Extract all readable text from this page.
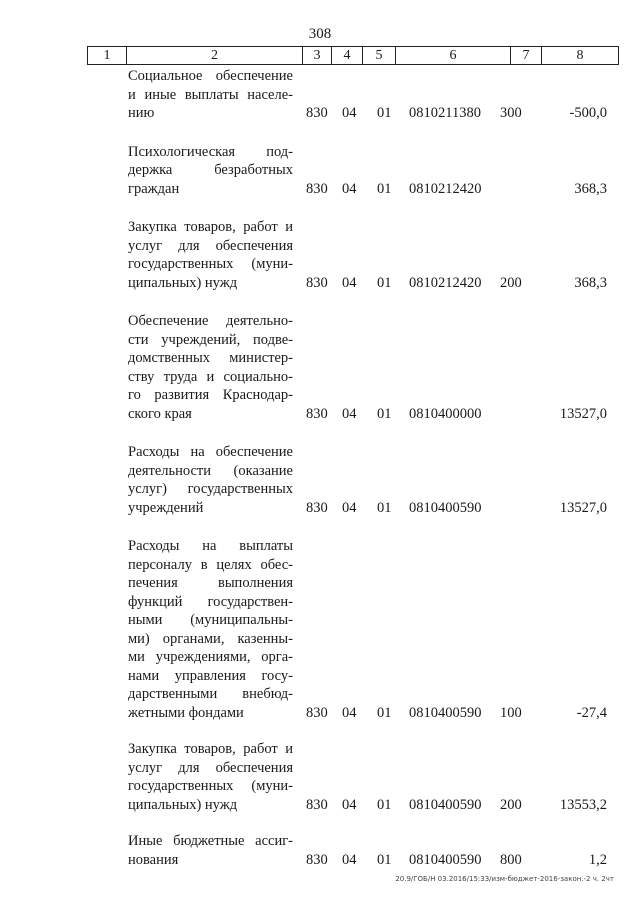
308
1	2	3	4	5	6	7	8
Социальное обеспечение
и иные выплаты населе-
нию	830 04 01 0810211380 300	-500,0
Психологическая под-
держка безработных
граждан	830 04 01 0810212420	368,3
Закупка товаров, работ и
услуг для обеспечения
государственных (муни-
ципальных) нужд	830 04 01 0810212420 200	368,3
Обеспечение деятельно-
сти учреждений, подве-
домственных министер-
ству труда и социально-
го развития Краснодар-
ского края	830 04 01 0810400000	13527,0
Расходы на обеспечение
деятельности (оказание
услуг) государственных
учреждений	830 04 01 0810400590	13527,0
Расходы на выплаты
персоналу в целях обес-
печения выполнения
функций государствен-
ными (муниципальны-
ми) органами, казенны-
ми учреждениями, орга-
нами управления госу-
дарственными внебюд-
жетными фондами	830 04 01 0810400590 100	-27,4
Закупка товаров, работ и
услуг для обеспечения
государственных (муни-
ципальных) нужд	830 04 01 0810400590 200	13553,2
Иные бюджетные ассиг-
нования	830 04 01 0810400590 800	1,2
20.9/ГОБ/Н 03.2016/15:33/изм-бюджет-2016-закон.-2 ч. 2чт
